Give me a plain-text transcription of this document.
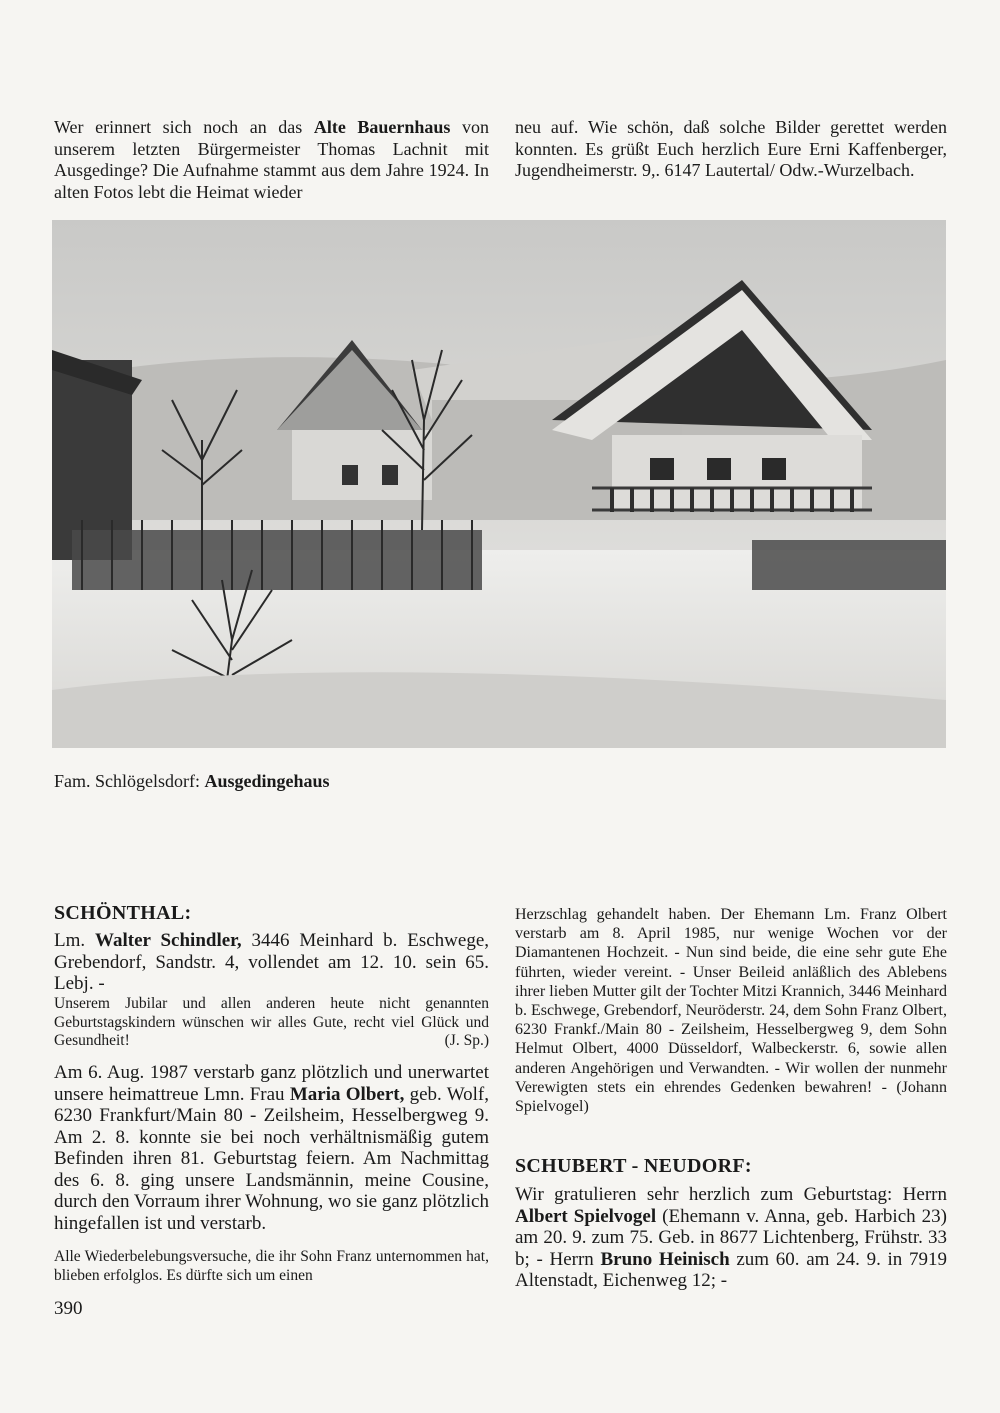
Wer erinnert sich noch an das Alte Bauernhaus von unserem letzten Bürgermeister Thomas Lachnit mit Ausgedinge? Die Aufnahme stammt aus dem Jahre 1924. In alten Fotos lebt die Heimat wieder

neu auf. Wie schön, daß solche Bilder gerettet werden konnten. Es grüßt Euch herzlich Eure Erni Kaffenberger, Jugendheimerstr. 9,. 6147 Lautertal/ Odw.-Wurzelbach.

Fam. Schlögelsdorf: Ausgedingehaus
SCHÖNTHAL:
Lm. Walter Schindler, 3446 Meinhard b. Eschwege, Grebendorf, Sandstr. 4, vollendet am 12. 10. sein 65. Lebj. -
Unserem Jubilar und allen anderen heute nicht genannten Geburtstagskindern wünschen wir alles Gute, recht viel Glück und Gesundheit!	(J. Sp.)
Am 6. Aug. 1987 verstarb ganz plötzlich und unerwartet unsere heimattreue Lmn. Frau Maria Olbert, geb. Wolf, 6230 Frankfurt/Main 80 - Zeilsheim, Hesselbergweg 9. Am 2. 8. konnte sie bei noch verhältnismäßig gutem Befinden ihren 81. Geburtstag feiern. Am Nachmittag des 6. 8. ging unsere Landsmännin, meine Cousine, durch den Vorraum ihrer Wohnung, wo sie ganz plötzlich hingefallen ist und verstarb.
Alle Wiederbelebungsversuche, die ihr Sohn Franz unternommen hat, blieben erfolglos. Es dürfte sich um einen
Herzschlag gehandelt haben. Der Ehemann Lm. Franz Olbert verstarb am 8. April 1985, nur wenige Wochen vor der Diamantenen Hochzeit. - Nun sind beide, die eine sehr gute Ehe führten, wieder vereint. - Unser Beileid anläßlich des Ablebens ihrer lieben Mutter gilt der Tochter Mitzi Krannich, 3446 Meinhard b. Eschwege, Grebendorf, Neuröderstr. 24, dem Sohn Franz Olbert, 6230 Frankf./Main 80 - Zeilsheim, Hesselbergweg 9, dem Sohn Helmut Olbert, 4000 Düsseldorf, Walbeckerstr. 6, sowie allen anderen Angehörigen und Verwandten. - Wir wollen der nunmehr Verewigten stets ein ehrendes Gedenken bewahren! - (Johann Spielvogel)
SCHUBERT - NEUDORF:
Wir gratulieren sehr herzlich zum Geburtstag: Herrn Albert Spielvogel (Ehemann v. Anna, geb. Harbich 23) am 20. 9. zum 75. Geb. in 8677 Lichtenberg, Frühstr. 33 b; - Herrn Bruno Heinisch zum 60. am 24. 9. in 7919 Altenstadt, Eichenweg 12; -
390
